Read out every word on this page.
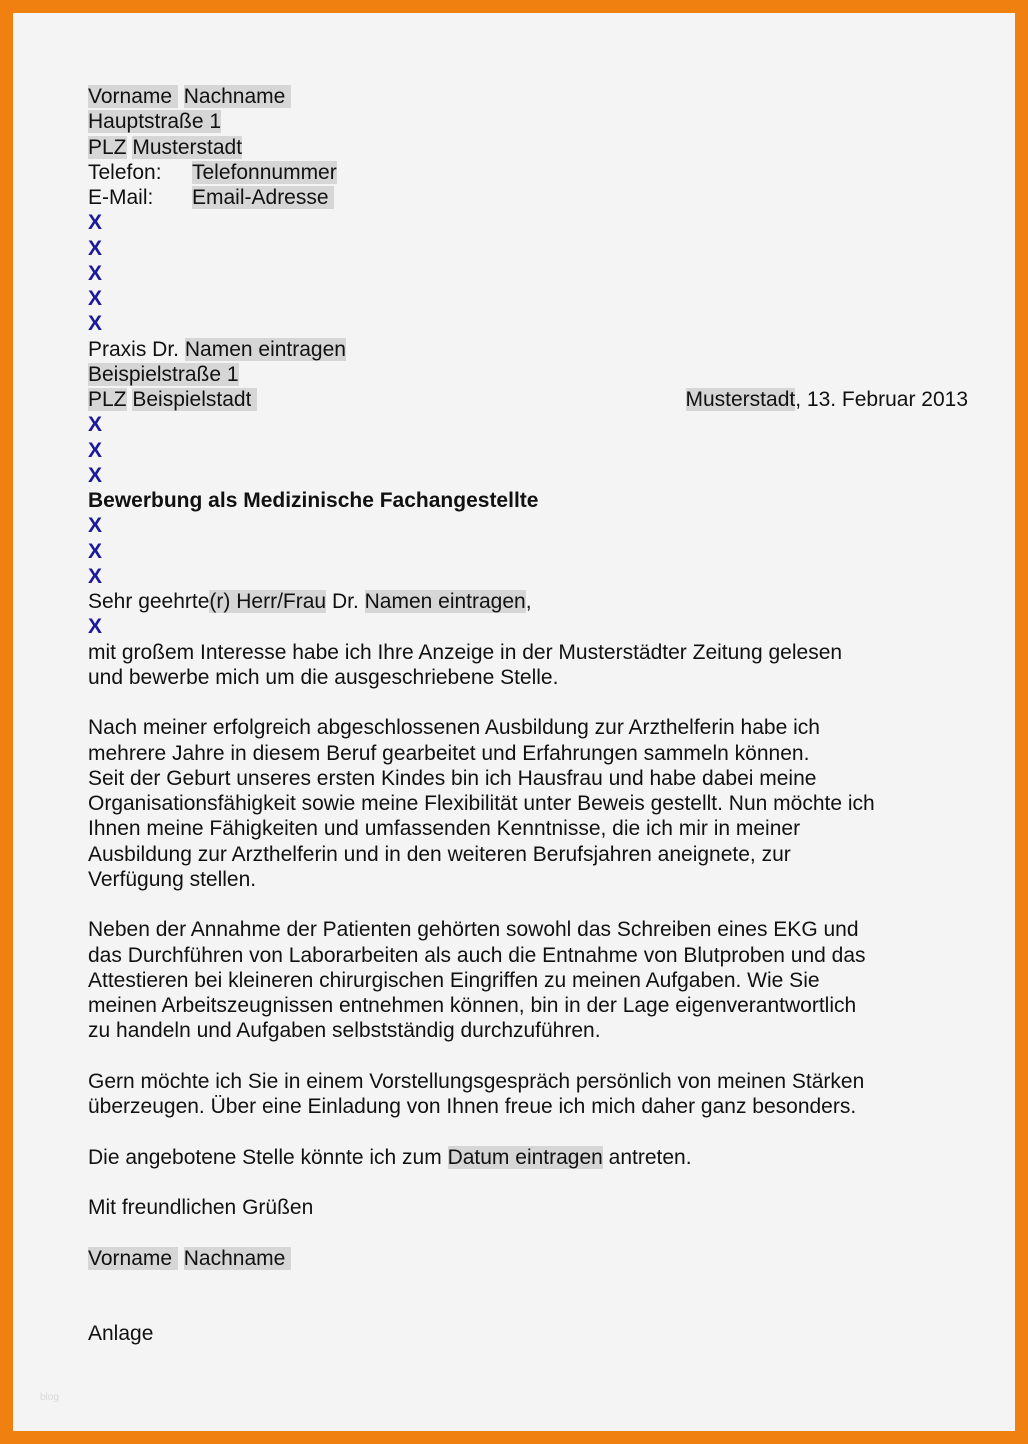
Vorname Nachname
Hauptstraße 1
PLZ Musterstadt
Telefon: Telefonnummer
E-Mail: Email-Adresse
X
X
X
X
X
Praxis Dr. Namen eintragen
Beispielstraße 1
PLZ Beispielstadt	Musterstadt, 13. Februar 2013
X
X
X
Bewerbung als Medizinische Fachangestellte
X
X
X
Sehr geehrte(r) Herr/Frau Dr. Namen eintragen,
X
mit großem Interesse habe ich Ihre Anzeige in der Musterstädter Zeitung gelesen
und bewerbe mich um die ausgeschriebene Stelle.
Nach meiner erfolgreich abgeschlossenen Ausbildung zur Arzthelferin habe ich
mehrere Jahre in diesem Beruf gearbeitet und Erfahrungen sammeln können.
Seit der Geburt unseres ersten Kindes bin ich Hausfrau und habe dabei meine
Organisationsfähigkeit sowie meine Flexibilität unter Beweis gestellt. Nun möchte ich
Ihnen meine Fähigkeiten und umfassenden Kenntnisse, die ich mir in meiner
Ausbildung zur Arzthelferin und in den weiteren Berufsjahren aneignete, zur
Verfügung stellen.
Neben der Annahme der Patienten gehörten sowohl das Schreiben eines EKG und
das Durchführen von Laborarbeiten als auch die Entnahme von Blutproben und das
Attestieren bei kleineren chirurgischen Eingriffen zu meinen Aufgaben. Wie Sie
meinen Arbeitszeugnissen entnehmen können, bin in der Lage eigenverantwortlich
zu handeln und Aufgaben selbstständig durchzuführen.
Gern möchte ich Sie in einem Vorstellungsgespräch persönlich von meinen Stärken
überzeugen. Über eine Einladung von Ihnen freue ich mich daher ganz besonders.
Die angebotene Stelle könnte ich zum Datum eintragen antreten.
Mit freundlichen Grüßen
Vorname Nachname
Anlage
blog
